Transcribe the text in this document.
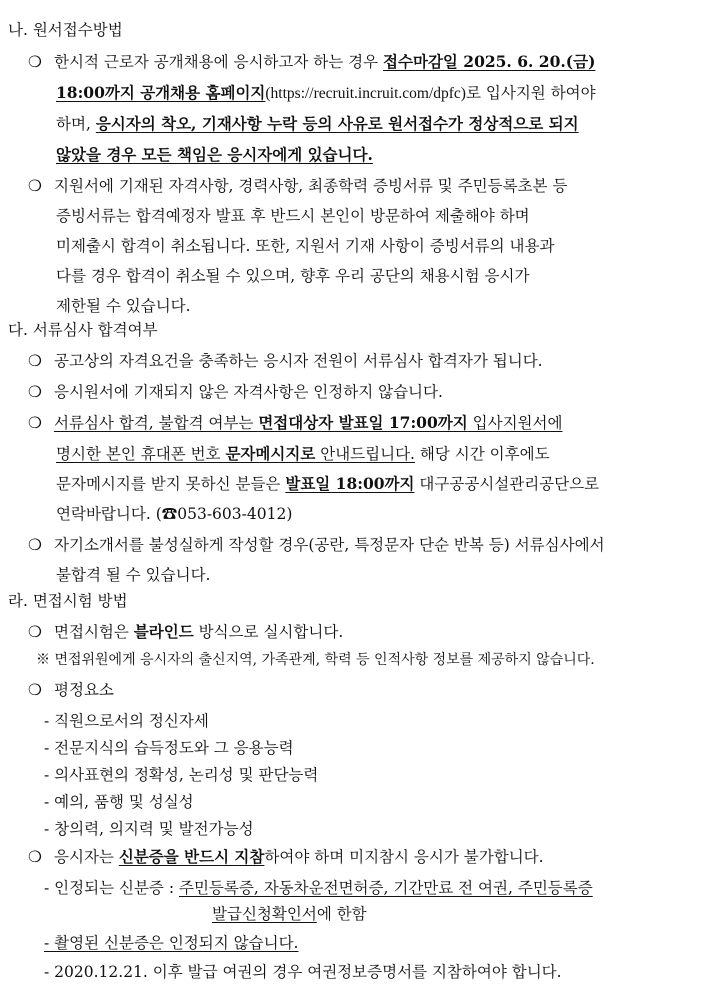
나. 원서접수방법
❍ 한시적 근로자 공개채용에 응시하고자 하는 경우 접수마감일 2025. 6. 20.(금)
18:00까지 공개채용 홈페이지(https://recruit.incruit.com/dpfc)로 입사지원 하여야
하며, 응시자의 착오, 기재사항 누락 등의 사유로 원서접수가 정상적으로 되지
않았을 경우 모든 책임은 응시자에게 있습니다.
❍ 지원서에 기재된 자격사항, 경력사항, 최종학력 증빙서류 및 주민등록초본 등
증빙서류는 합격예정자 발표 후 반드시 본인이 방문하여 제출해야 하며
미제출시 합격이 취소됩니다. 또한, 지원서 기재 사항이 증빙서류의 내용과
다를 경우 합격이 취소될 수 있으며, 향후 우리 공단의 채용시험 응시가
제한될 수 있습니다.
다. 서류심사 합격여부
❍ 공고상의 자격요건을 충족하는 응시자 전원이 서류심사 합격자가 됩니다.
❍ 응시원서에 기재되지 않은 자격사항은 인정하지 않습니다.
❍ 서류심사 합격, 불합격 여부는 면접대상자 발표일 17:00까지 입사지원서에
명시한 본인 휴대폰 번호 문자메시지로 안내드립니다. 해당 시간 이후에도
문자메시지를 받지 못하신 분들은 발표일 18:00까지 대구공공시설관리공단으로
연락바랍니다. (☎053-603-4012)
❍ 자기소개서를 불성실하게 작성할 경우(공란, 특정문자 단순 반복 등) 서류심사에서
불합격 될 수 있습니다.
라. 면접시험 방법
❍ 면접시험은 블라인드 방식으로 실시합니다.
※ 면접위원에게 응시자의 출신지역, 가족관계, 학력 등 인적사항 정보를 제공하지 않습니다.
❍ 평정요소
- 직원으로서의 정신자세
- 전문지식의 습득정도와 그 응용능력
- 의사표현의 정확성, 논리성 및 판단능력
- 예의, 품행 및 성실성
- 창의력, 의지력 및 발전가능성
❍ 응시자는 신분증을 반드시 지참하여야 하며 미지참시 응시가 불가합니다.
- 인정되는 신분증 : 주민등록증, 자동차운전면허증, 기간만료 전 여권, 주민등록증
발급신청확인서에 한함
- 촬영된 신분증은 인정되지 않습니다.
- 2020.12.21. 이후 발급 여권의 경우 여권정보증명서를 지참하여야 합니다.
